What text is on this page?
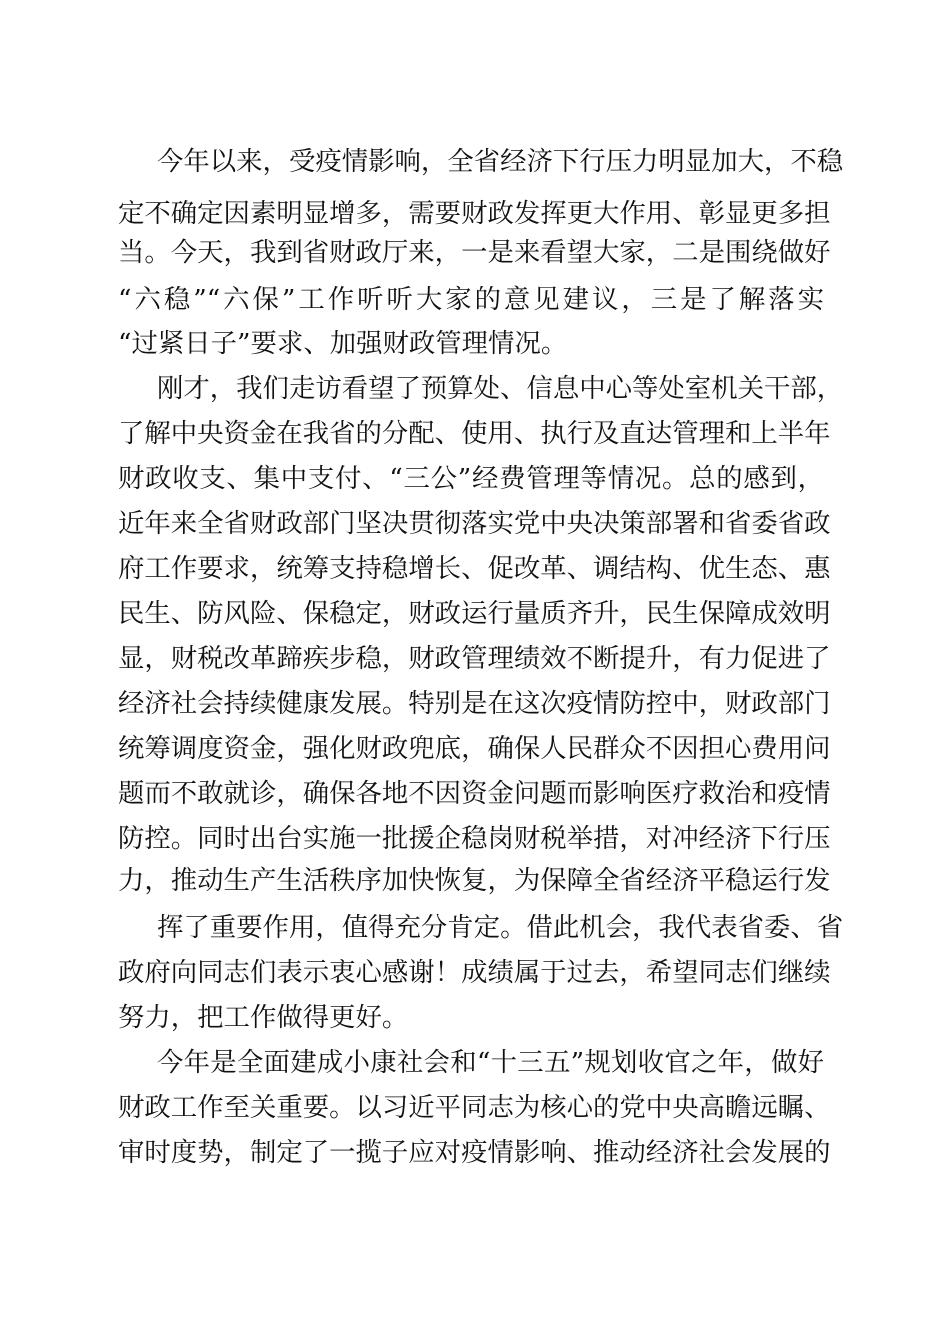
今年以来，受疫情影响，全省经济下行压力明显加大，不稳
定不确定因素明显增多，需要财政发挥更大作用、彰显更多担
当。今天，我到省财政厅来，一是来看望大家，二是围绕做好
“六稳”“六保”工作听听大家的意见建议，三是了解落实
“过紧日子”要求、加强财政管理情况。
刚才，我们走访看望了预算处、信息中心等处室机关干部，
了解中央资金在我省的分配、使用、执行及直达管理和上半年
财政收支、集中支付、“三公”经费管理等情况。总的感到，
近年来全省财政部门坚决贯彻落实党中央决策部署和省委省政
府工作要求，统筹支持稳增长、促改革、调结构、优生态、惠
民生、防风险、保稳定，财政运行量质齐升，民生保障成效明
显，财税改革蹄疾步稳，财政管理绩效不断提升，有力促进了
经济社会持续健康发展。特别是在这次疫情防控中，财政部门
统筹调度资金，强化财政兜底，确保人民群众不因担心费用问
题而不敢就诊，确保各地不因资金问题而影响医疗救治和疫情
防控。同时出台实施一批援企稳岗财税举措，对冲经济下行压
力，推动生产生活秩序加快恢复，为保障全省经济平稳运行发
挥了重要作用，值得充分肯定。借此机会，我代表省委、省
政府向同志们表示衷心感谢！成绩属于过去，希望同志们继续
努力，把工作做得更好。
今年是全面建成小康社会和“十三五”规划收官之年，做好
财政工作至关重要。以习近平同志为核心的党中央高瞻远瞩、
审时度势，制定了一揽子应对疫情影响、推动经济社会发展的
